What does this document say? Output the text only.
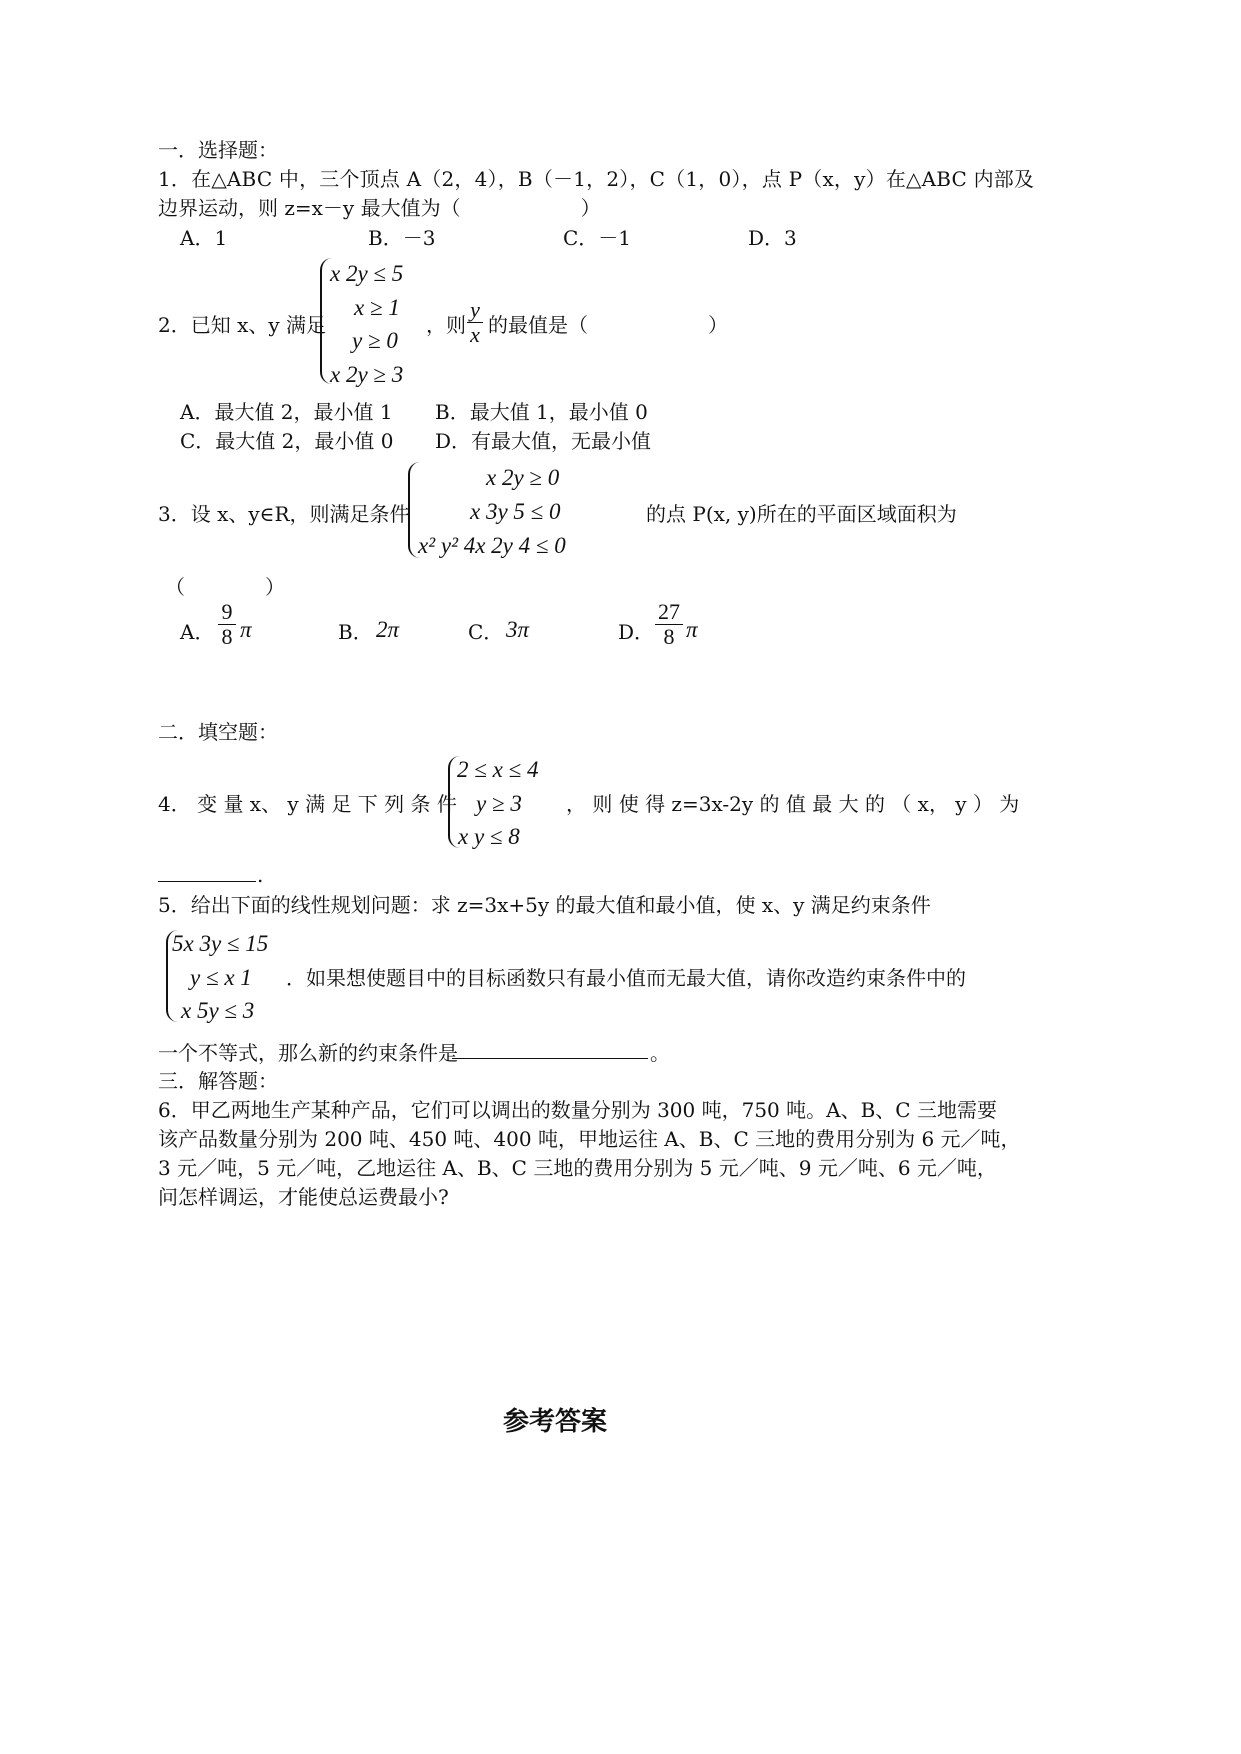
一．选择题：
1．在△ABC 中，三个顶点 A（2，4），B（－1，2），C（1，0），点 P（x，y）在△ABC 内部及
边界运动，则 z=x－y 最大值为（　　　　　　）
A．1	B．－3	C．－1	D．3
2．已知 x、y 满足
x 2y ≤ 5
x ≥ 1
y ≥ 0
x 2y ≥ 3
，则
y
x 的最值是（　　　　　　）
A．最大值 2，最小值 1 B．最大值 1，最小值 0
C．最大值 2，最小值 0 D．有最大值，无最小值
3．设 x、y∈R，则满足条件
x 2y ≥ 0
x 3y 5 ≤ 0
x² y² 4x 2y 4 ≤ 0
的点 P(x, y)所在的平面区域面积为
（　　　　）
A．
9
8 π	B． 2π	C． 3π	D．
27
8 π
二．填空题：
4． 变 量 x、 y 满 足 下 列 条 件
2 ≤ x ≤ 4
y ≥ 3
x y ≤ 8
， 则 使 得 z=3x-2y 的 值 最 大 的 （ x， y ） 为
.
5．给出下面的线性规划问题：求 z=3x+5y 的最大值和最小值，使 x、y 满足约束条件
5x 3y ≤ 15
y ≤ x 1
x 5y ≤ 3
．如果想使题目中的目标函数只有最小值而无最大值，请你改造约束条件中的
一个不等式，那么新的约束条件是	。
三．解答题：
6．甲乙两地生产某种产品，它们可以调出的数量分别为 300 吨，750 吨。A、B、C 三地需要
该产品数量分别为 200 吨、450 吨、400 吨，甲地运往 A、B、C 三地的费用分别为 6 元／吨，
3 元／吨，5 元／吨，乙地运往 A、B、C 三地的费用分别为 5 元／吨、9 元／吨、6 元／吨，
问怎样调运，才能使总运费最小?
参考答案
